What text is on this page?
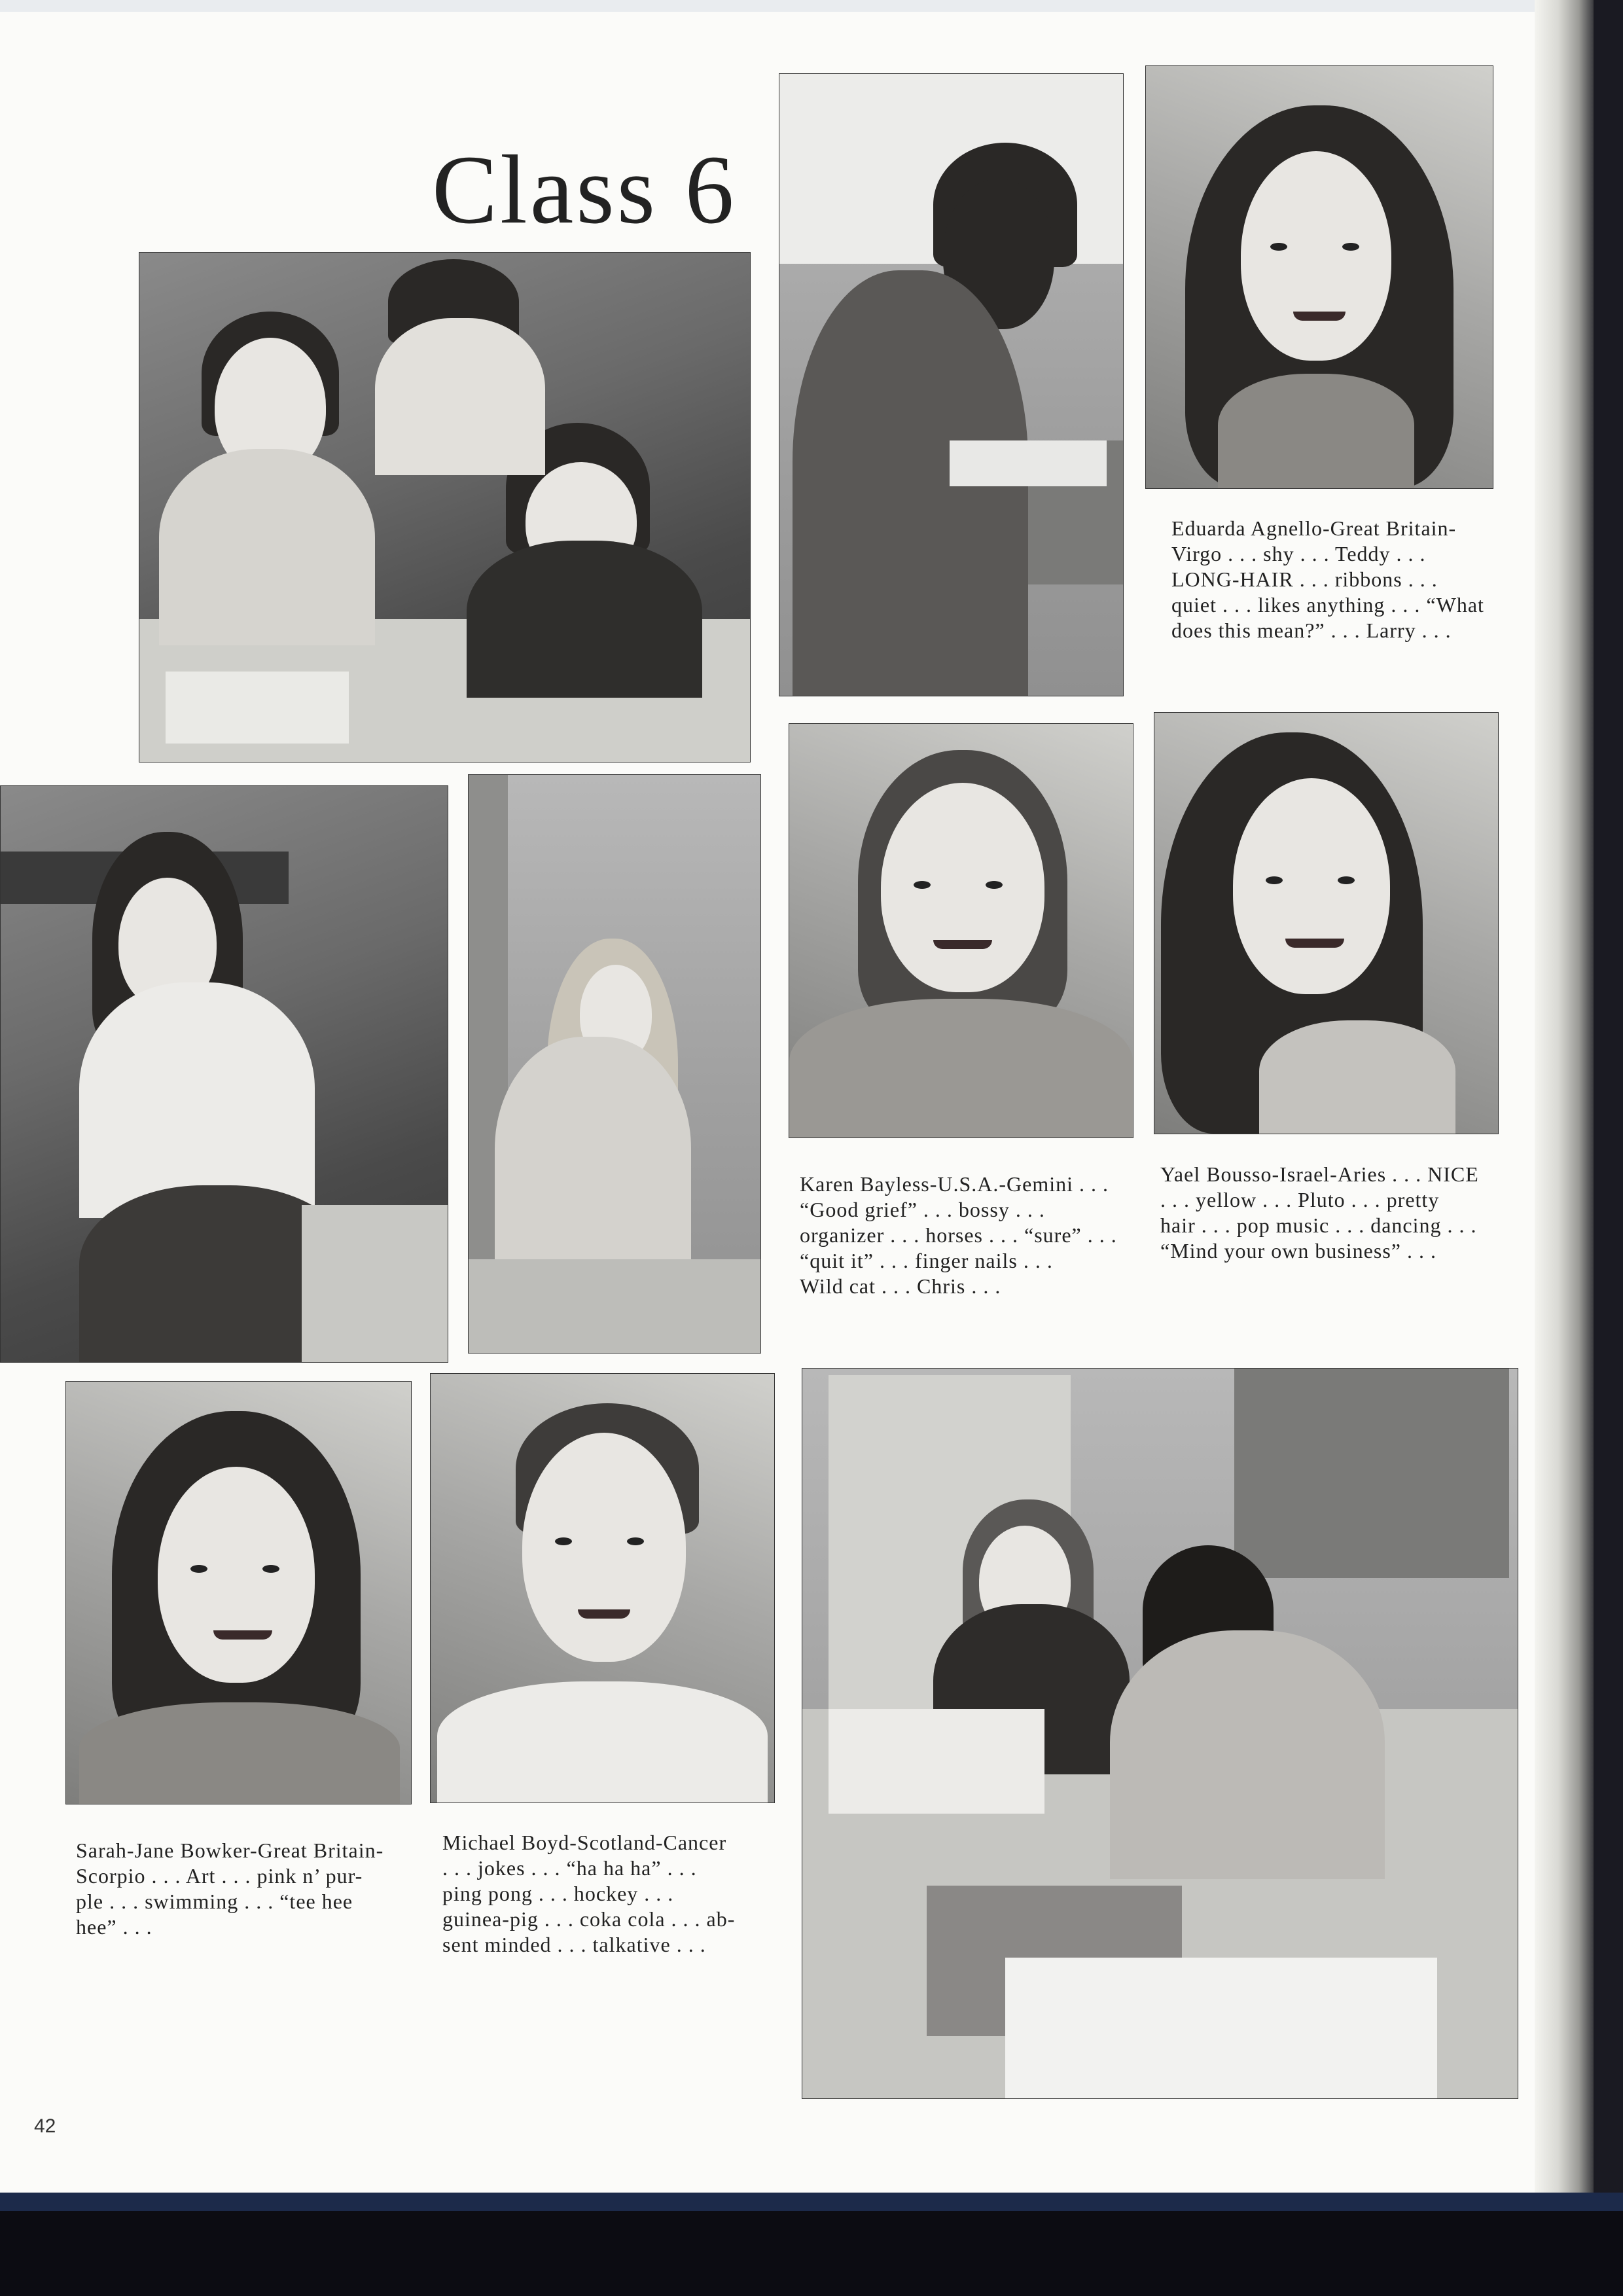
Class 6
Eduarda Agnello-Great Britain-
Virgo . . . shy . . . Teddy . . .
LONG-HAIR . . . ribbons . . .
quiet . . . likes anything . . . “What
does this mean?” . . . Larry . . .
Karen Bayless-U.S.A.-Gemini . . .
“Good grief” . . . bossy . . .
organizer . . . horses . . . “sure” . . .
“quit it” . . . finger nails . . .
Wild cat . . . Chris . . .
Yael Bousso-Israel-Aries . . . NICE
. . . yellow . . . Pluto . . . pretty
hair . . . pop music . . . dancing . . .
“Mind your own business” . . .
Sarah-Jane Bowker-Great Britain-
Scorpio . . . Art . . . pink n’ pur-
ple . . . swimming . . . “tee hee
hee” . . .
Michael Boyd-Scotland-Cancer
. . . jokes . . . “ha ha ha” . . .
ping pong . . . hockey . . .
guinea-pig . . . coka cola . . . ab-
sent minded . . . talkative . . .
42
